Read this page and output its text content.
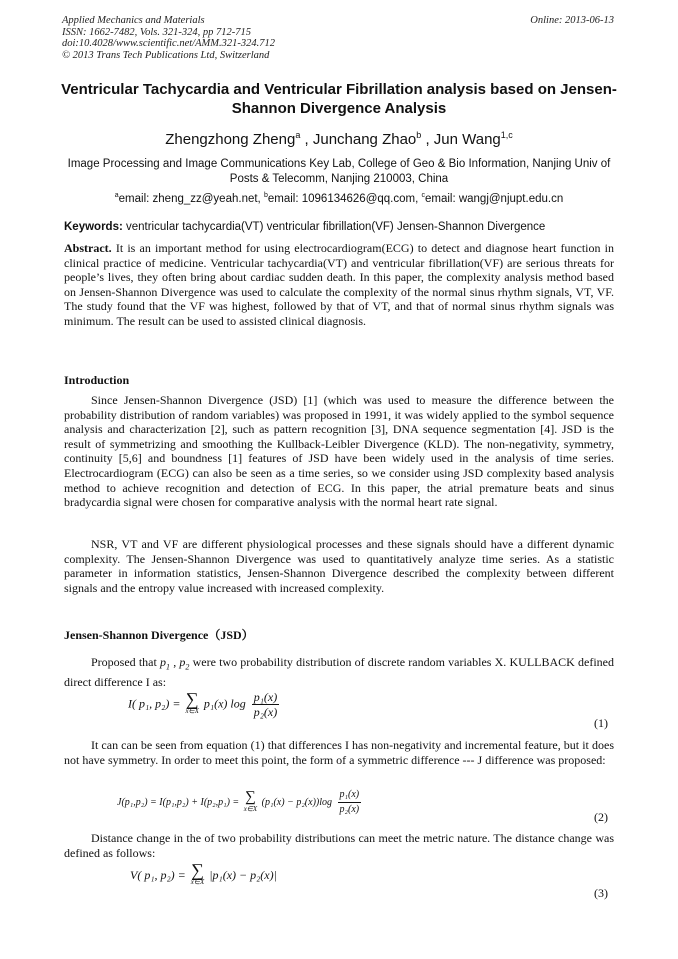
Applied Mechanics and Materials
ISSN: 1662-7482, Vols. 321-324, pp 712-715
doi:10.4028/www.scientific.net/AMM.321-324.712
© 2013 Trans Tech Publications Ltd, Switzerland
Online: 2013-06-13
Ventricular Tachycardia and Ventricular Fibrillation analysis based on Jensen-Shannon Divergence Analysis
Zhengzhong Zheng$^a$ , Junchang Zhao$^b$ , Jun Wang$^{1,c}$
Image Processing and Image Communications Key Lab, College of Geo & Bio Information, Nanjing Univ of Posts & Telecomm, Nanjing 210003, China
$^a$email: zheng_zz@yeah.net, $^b$email: 1096134626@qq.com, $^c$email: wangj@njupt.edu.cn
Keywords: ventricular tachycardia(VT) ventricular fibrillation(VF) Jensen-Shannon Divergence
Abstract. It is an important method for using electrocardiogram(ECG) to detect and diagnose heart function in clinical practice of medicine. Ventricular tachycardia(VT) and ventricular fibrillation(VF) are serious threats for people’s lives, they often bring about cardiac sudden death. In this paper, the complexity analysis method based on Jensen-Shannon Divergence was used to calculate the complexity of the normal sinus rhythm signals, VT, VF. The study found that the VF was highest, followed by that of VT, and that of normal sinus rhythm signals was minimum. The result can be used to assisted clinical diagnosis.
Introduction
Since Jensen-Shannon Divergence (JSD) [1] (which was used to measure the difference between the probability distribution of random variables) was proposed in 1991, it was widely applied to the symbol sequence analysis and characterization [2], such as pattern recognition [3], DNA sequence segmentation [4]. JSD is the result of symmetrizing and smoothing the Kullback-Leibler Divergence (KLD). The non-negativity, symmetry, continuity [5,6] and boundness [1] features of JSD have been widely used in the analysis of time series. Electrocardiogram (ECG) can also be seen as a time series, so we consider using JSD complexity based analysis method to achieve recognition and detection of ECG. In this paper, the atrial premature beats and sinus bradycardia signal were chosen for comparative analysis with the normal heart rate signal.
NSR, VT and VF are different physiological processes and these signals should have a different dynamic complexity. The Jensen-Shannon Divergence was used to quantitatively analyze time series. As a statistic parameter in information statistics, Jensen-Shannon Divergence described the complexity between different signals and the entropy value increased with increased complexity.
Jensen-Shannon Divergence（JSD）
Proposed that $p_1$ , $p_2$ were two probability distribution of discrete random variables X. KULLBACK defined direct difference I as:
I( p₁, p₂) = ∑
x∈X
p₁(x) $\log \frac{\text{p₁(x)}}{\text{p₂(x)}}$
(1)
It can can be seen from equation (1) that differences I has non-negativity and incremental feature, but it does not have symmetry. In order to meet this point, the form of a symmetric difference --- J difference was proposed:
J(p₁,p₂) = I(p₁,p₂) + I(p₂,p₁) = ∑
x∈X
$(p_1(x) - p_2(x))\log \frac{\text{p₁(x)}}{\text{p₂(x)}}$	(2)
Distance change in the of two probability distributions can meet the metric nature. The distance change was defined as follows:
V( p₁, p₂) = ∑
x∈X
|p₁(x) − p₂(x)|
(3)
